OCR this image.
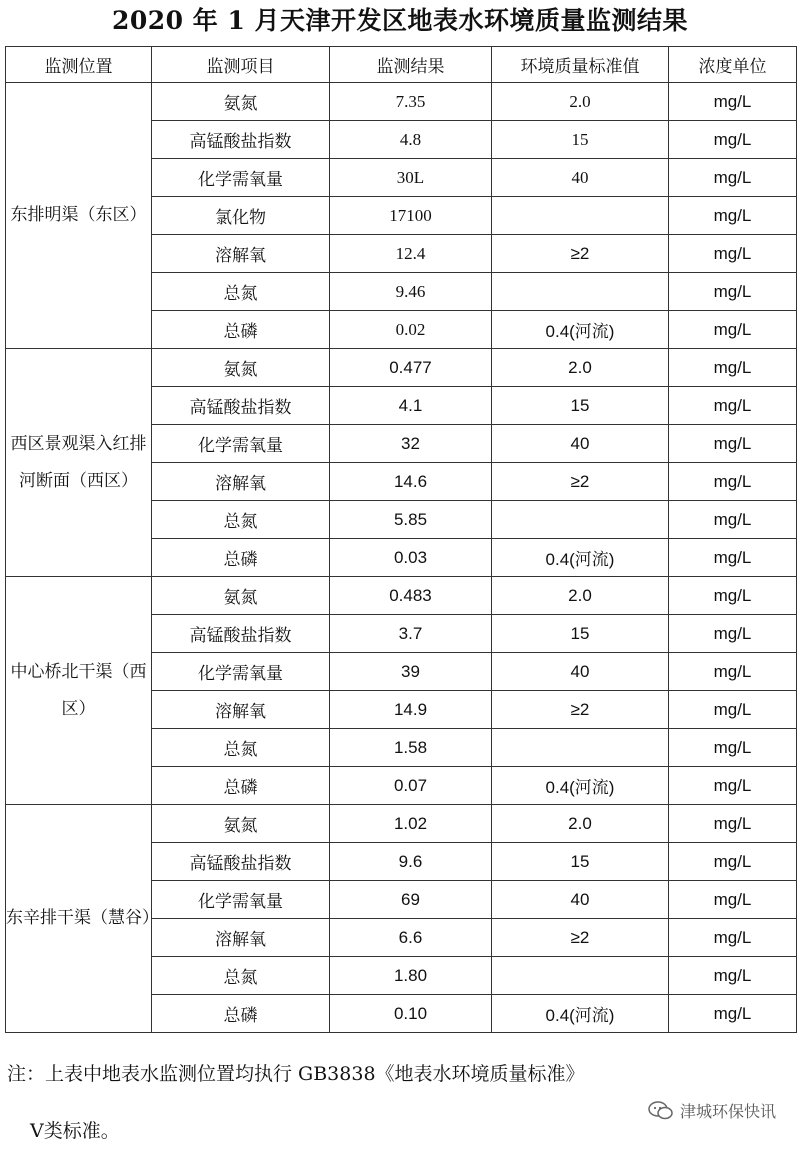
2020 年 1 月天津开发区地表水环境质量监测结果
监测位置	监测项目	监测结果	环境质量标准值	浓度单位
东排明渠（东区）	氨氮	7.35	2.0	mg/L
	高锰酸盐指数	4.8	15	mg/L
	化学需氧量	30L	40	mg/L
	氯化物	17100		mg/L
	溶解氧	12.4	≥2	mg/L
	总氮	9.46		mg/L
	总磷	0.02	0.4(河流)	mg/L
西区景观渠入红排河断面（西区）	氨氮	0.477	2.0	mg/L
	高锰酸盐指数	4.1	15	mg/L
	化学需氧量	32	40	mg/L
	溶解氧	14.6	≥2	mg/L
	总氮	5.85		mg/L
	总磷	0.03	0.4(河流)	mg/L
中心桥北干渠（西区）	氨氮	0.483	2.0	mg/L
	高锰酸盐指数	3.7	15	mg/L
	化学需氧量	39	40	mg/L
	溶解氧	14.9	≥2	mg/L
	总氮	1.58		mg/L
	总磷	0.07	0.4(河流)	mg/L
东辛排干渠（慧谷）	氨氮	1.02	2.0	mg/L
	高锰酸盐指数	9.6	15	mg/L
	化学需氧量	69	40	mg/L
	溶解氧	6.6	≥2	mg/L
	总氮	1.80		mg/L
	总磷	0.10	0.4(河流)	mg/L
注：上表中地表水监测位置均执行 GB3838《地表水环境质量标准》
Ⅴ类标准。
津城环保快讯
